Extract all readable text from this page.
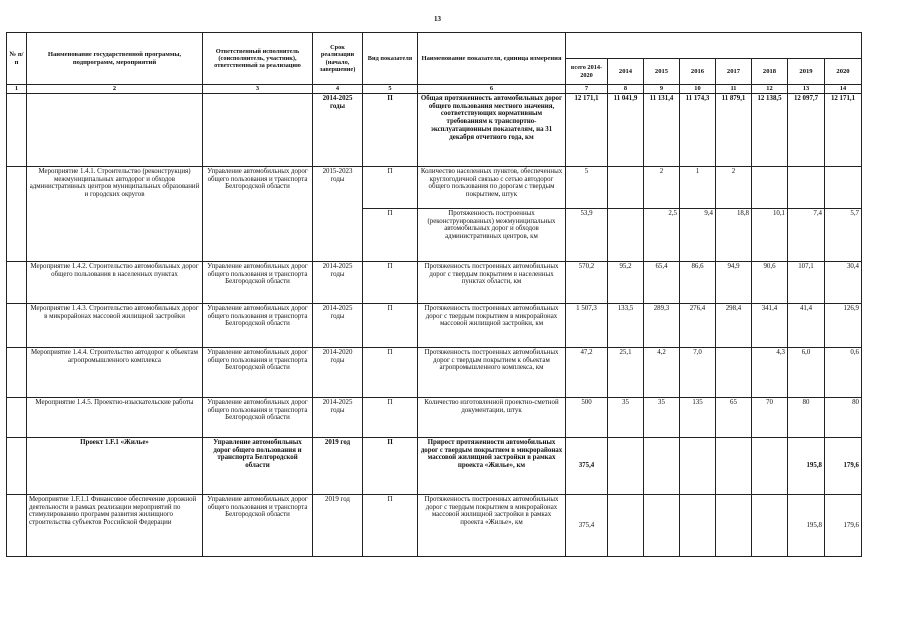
13
№ п/п	Наименование государственной программы, подпрограмм, мероприятий	Ответственный исполнитель (соисполнитель, участник), ответственный за реализацию	Срок реализации (начало, завершение)	Вид показателя	Наименование показателя, единица измерения								
						всего 2014-2020	2014	2015	2016	2017	2018	2019	2020
1	2	3	4	5	6	7	8	9	10	11	12	13	14
			2014-2025 годы	П	Общая протяженность автомобильных дорог общего пользования местного значения, соответствующих нормативным требованиям к транспортно-эксплуатационным показателям, на 31 декабря отчетного года, км	12 171,1	11 041,9	11 131,4	11 174,3	11 879,1	12 138,5	12 097,7	12 171,1
	Мероприятие 1.4.1. Строительство (реконструкция) межмуниципальных автодорог и обходов административных центров муниципальных образований и городских округов	Управление автомобильных дорог общего пользования и транспорта Белгородской области	2015-2023 годы	П	Количество населенных пунктов, обеспеченных круглогодичной связью с сетью автодорог общего пользования по дорогам с твердым покрытием, штук	5		2	1	2			
				П	Протяженность построенных (реконструированных) межмуниципальных автомобильных дорог и обходов административных центров, км	53,9		2,5	9,4	18,8	10,1	7,4	5,7
	Мероприятие 1.4.2. Строительство автомобильных дорог общего пользования в населенных пунктах	Управление автомобильных дорог общего пользования и транспорта Белгородской области	2014-2025 годы	П	Протяженность построенных автомобильных дорог с твердым покрытием в населенных пунктах области, км	570,2	95,2	65,4	86,6	94,9	90,6	107,1	30,4
	Мероприятие 1.4.3. Строительство автомобильных дорог в микрорайонах массовой жилищной застройки	Управление автомобильных дорог общего пользования и транспорта Белгородской области	2014-2025 годы	П	Протяженность построенных автомобильных дорог с твердым покрытием в микрорайонах массовой жилищной застройки, км	1 507,3	133,5	289,3	276,4	298,4	341,4	41,4	126,9
	Мероприятие 1.4.4. Строительство автодорог к объектам агропромышленного комплекса	Управление автомобильных дорог общего пользования и транспорта Белгородской области	2014-2020 годы	П	Протяженность построенных автомобильных дорог с твердым покрытием к объектам агропромышленного комплекса, км	47,2	25,1	4,2	7,0		4,3	6,0	0,6
	Мероприятие 1.4.5. Проектно-изыскательские работы	Управление автомобильных дорог общего пользования и транспорта Белгородской области	2014-2025 годы	П	Количество изготовленной проектно-сметной документации, штук	500	35	35	135	65	70	80	80
	Проект 1.F.1 «Жилье»	Управление автомобильных дорог общего пользования и транспорта Белгородской области	2019 год	П	Прирост протяженности автомобильных дорог с твердым покрытием в микрорайонах массовой жилищной застройки в рамках проекта «Жилье», км	375,4						195,8	179,6
	Мероприятие 1.F.1.1 Финансовое обеспечение дорожной деятельности в рамках реализации мероприятий по стимулированию программ развития жилищного строительства субъектов Российской Федерации	Управление автомобильных дорог общего пользования и транспорта Белгородской области	2019 год	П	Протяженность построенных автомобильных дорог с твердым покрытием в микрорайонах массовой жилищной застройки в рамках проекта «Жилье», км	375,4						195,8	179,6
